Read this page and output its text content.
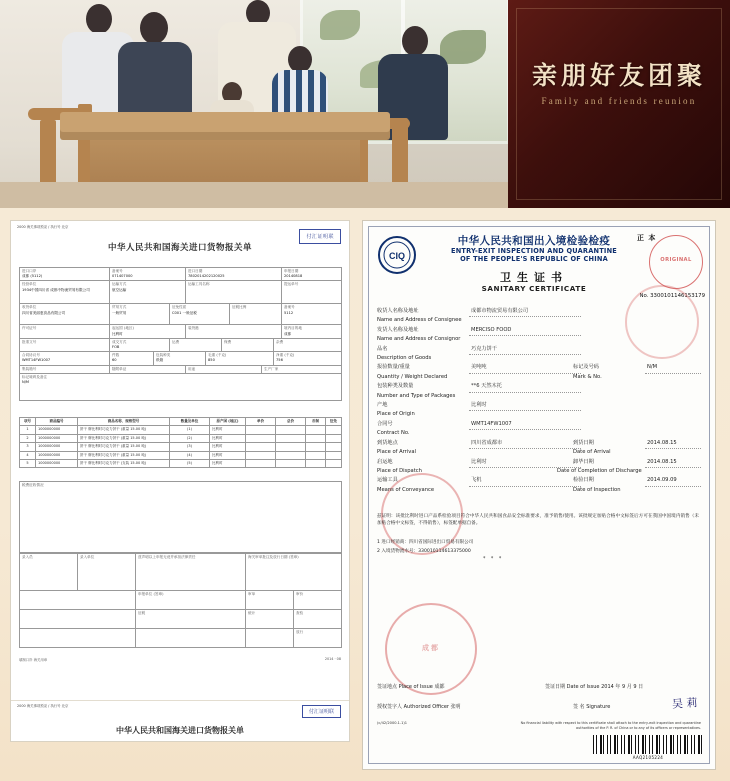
亲朋好友团聚
Family and friends reunion
2000 海关事项预录 / 执行号 北京
中华人民共和国海关进口货物报关单
付汇证明联
进口口岸
成都 (5112)
备案号
071407000
进口日期
7802014202120025
申报日期
20140818
经营单位
1934中国四川省 成都中物流贸易有限公司
运输方式
航空运输
运输工具名称	提运单号
收货单位
四川省美丽惠食品有限公司
贸易方式
一般贸易
征免性质
C001 一般征税
征税比例	备案号
5112
许可证号	起运国 (地区)
比利时
装货港	境内目的地
成都
批准文号	成交方式
FOB
运费	保费	杂费
合同协议号
WMT14FW1007
件数
60
包装种类
纸箱
毛重 (千克)
850
净重 (千克)
756
集装箱号	随附单证	用途	生产厂家
标记唛码及备注
N/M
项号	商品编号	商品名称、规格型号	数量及单位	原产国 (地区)	单价	总价	币制	征免
1	1000000000	饼干 牌比利时巧克力饼干 (重量 15.00 吨)	(1)	比利时
2	1000000000	饼干 牌比利时巧克力饼干 (重量 15.00 吨)	(2)	比利时
3	1000000000	饼干 牌比利时巧克力饼干 (重量 15.00 吨)	(3)	比利时
4	1000000000	饼干 牌比利时巧克力饼干 (重量 15.00 吨)	(4)	比利时
5	1000000000	饼干 牌比利时巧克力饼干 (支装 15.00 吨)	(5)	比利时
税费征收情况
录入员	录入单位	兹声明以上申报无讹并承担法律责任	海关审单批注及放行日期 (签章)
申报单位 (签章)	审单	审价
征税	统计	查验
放行
填制口岸 海关用章	2014 · 08
2000 海关事项预录 / 执行号 北京
付汇证明联
中华人民共和国海关进口货物报关单
CIQ
中华人民共和国出入境检验检疫
ENTRY-EXIT INSPECTION AND QUARANTINE
OF THE PEOPLE'S REPUBLIC OF CHINA
卫生证书
SANITARY CERTIFICATE
正 本
ORIGINAL
No. 3300101146153179
收货人名称及地址	成都市物流贸易有限公司
Name and Address of Consignee
发货人名称及地址	MERCISO FOOD
Name and Address of Consignor
品名	巧克力饼干
Description of Goods
报验数量/重量	美吨吨	标记及号码	N/M
Quantity / Weight Declared	Mark & No.
包装种类及数量	**6 天然木托
Number and Type of Packages
产地	比利时
Place of Origin
合同号	WMT14FW1007
Contract No.
到货地点	四川省成都市	到货日期	2014.08.15
Place of Arrival	Date of Arrival
启运地	比利时	卸毕日期	2014.08.15
Place of Dispatch	Date of Completion of Discharge
运输工具	飞机	检验日期	2014.09.09
Means of Conveyance	Date of Inspection
兹证明：该批比利时进口产品系检验项目符合中华人民共和国食品安全标准要求，准予销售/使用。该批规定加贴合格中文标签后方可在我国中国境内销售（未加贴合格中文标签，不得销售），标签配单据自备。
1 进口经销商：四川省国际进出口贸易有限公司
2 入境货物流水号：330010114613375000
* * *
成都
签证地点 Place of Issue 成都	签证日期 Date of Issue 2014 年 9 月 9 日
授权签字人 Authorized Officer 张明	签 名 Signature	吴 莉
(c/42/2000.1.1)1	No financial liability with respect to this certificate shall attach to the entry-exit inspection and quarantine authorities of the P. R. of China or to any of its officers or representatives.
AAQ2105224
